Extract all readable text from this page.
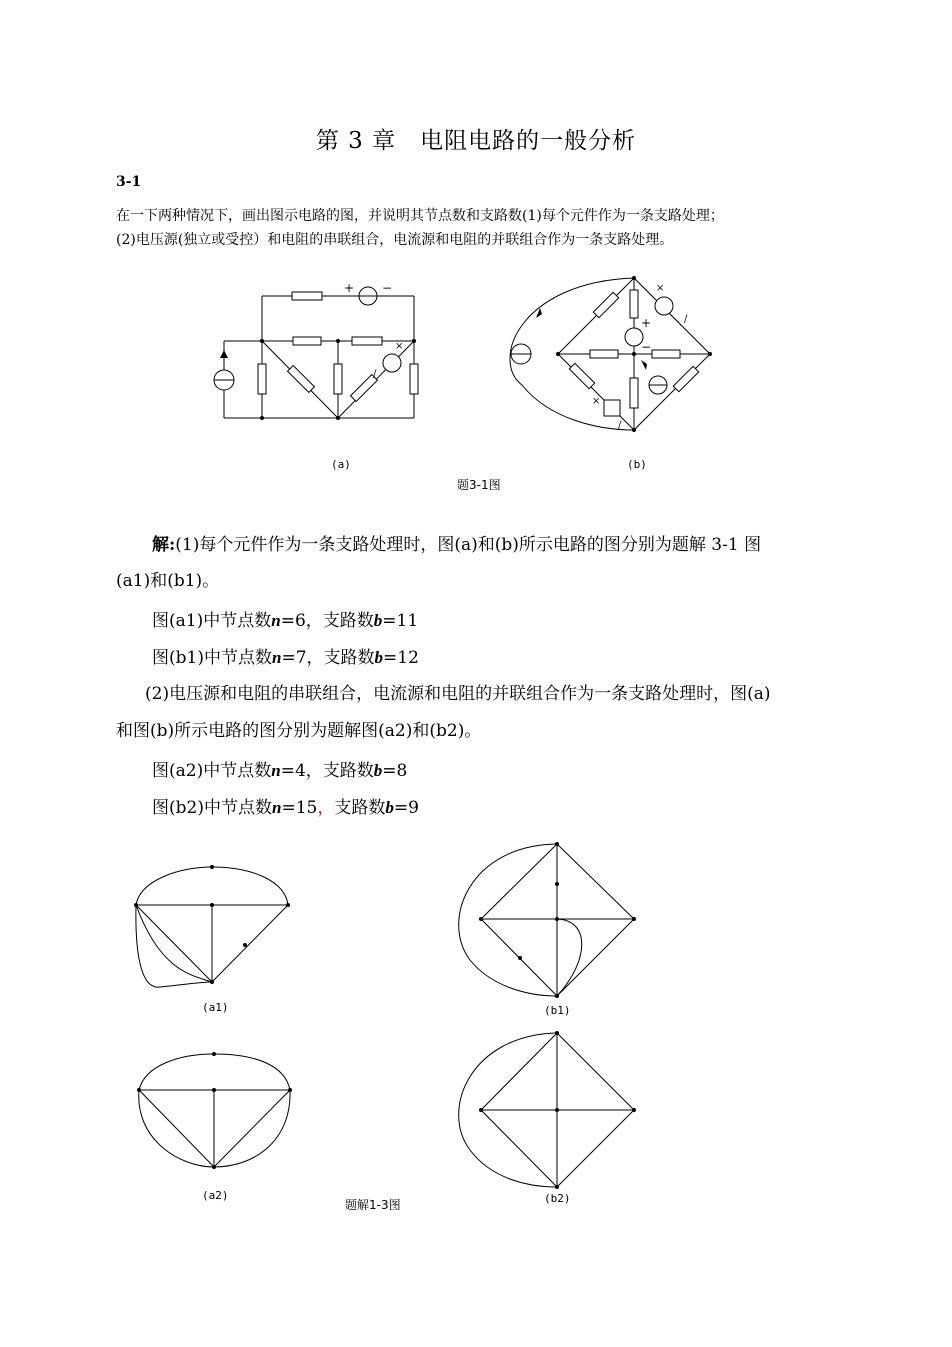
第 3 章　电阻电路的一般分析
3-1
在一下两种情况下，画出图示电路的图，并说明其节点数和支路数(1)每个元件作为一条支路处理；
(2)电压源(独立或受控）和电阻的串联组合，电流源和电阻的并联组合作为一条支路处理。
+ −
×
/
+
−
×
/
×
/
(a)	(b)
题3-1图
解:(1)每个元件作为一条支路处理时，图(a)和(b)所示电路的图分别为题解 3-1 图
(a1)和(b1)。
图(a1)中节点数n=6，支路数b=11
图(b1)中节点数n=7，支路数b=12
(2)电压源和电阻的串联组合，电流源和电阻的并联组合作为一条支路处理时，图(a)
和图(b)所示电路的图分别为题解图(a2)和(b2)。
图(a2)中节点数n=4，支路数b=8
图(b2)中节点数n=15，支路数b=9
(a1)	(b1)
(a2)	(b2)
题解1-3图
